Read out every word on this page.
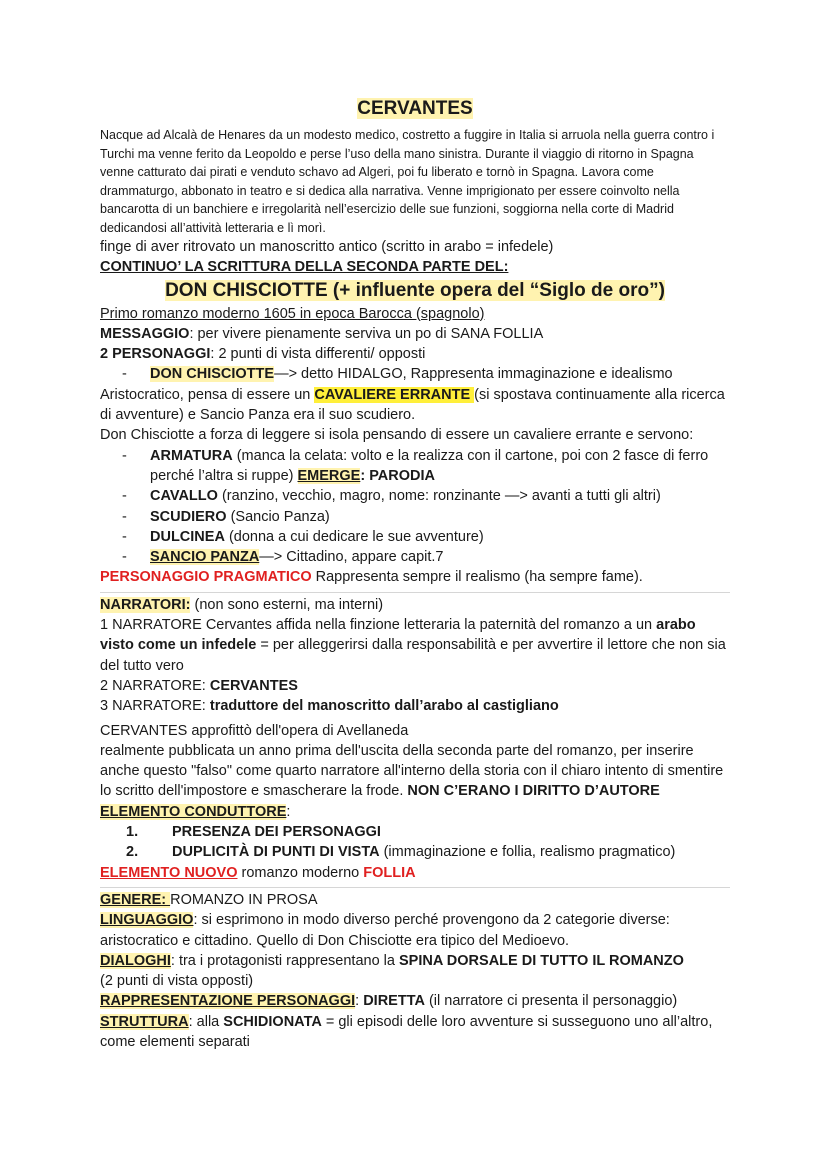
CERVANTES
Nacque ad Alcalà de Henares da un modesto medico, costretto a fuggire in Italia si arruola nella guerra contro i Turchi ma venne ferito da Leopoldo e perse l’uso della mano sinistra. Durante il viaggio di ritorno in Spagna venne catturato dai pirati e venduto schavo ad Algeri, poi fu liberato e tornò in Spagna. Lavora come drammaturgo, abbonato in teatro e si dedica alla narrativa. Venne imprigionato per essere coinvolto nella bancarotta di un banchiere e irregolarità nell’esercizio delle sue funzioni, soggiorna nella corte di Madrid dedicandosi all’attività letteraria e lì morì.
finge di aver ritrovato un manoscritto antico (scritto in arabo = infedele)
CONTINUO’ LA SCRITTURA DELLA SECONDA PARTE DEL:
DON CHISCIOTTE (+ influente opera del “Siglo de oro”)
Primo romanzo moderno 1605 in epoca Barocca (spagnolo)
MESSAGGIO: per vivere pienamente serviva un po di SANA FOLLIA
2 PERSONAGGI: 2 punti di vista differenti/ opposti
-	DON CHISCIOTTE—> detto HIDALGO, Rappresenta immaginazione e idealismo
Aristocratico, pensa di essere un CAVALIERE ERRANTE (si spostava continuamente alla ricerca di avventure) e Sancio Panza era il suo scudiero.
Don Chisciotte a forza di leggere si isola pensando di essere un cavaliere errante e servono:
-	ARMATURA (manca la celata: volto e la realizza con il cartone, poi con 2 fasce di ferro perché l’altra si ruppe) EMERGE: PARODIA
-	CAVALLO (ranzino, vecchio, magro, nome: ronzinante —> avanti a tutti gli altri)
-	SCUDIERO (Sancio Panza)
-	DULCINEA (donna a cui dedicare le sue avventure)
-	SANCIO PANZA—> Cittadino, appare capit.7
PERSONAGGIO PRAGMATICO Rappresenta sempre il realismo (ha sempre fame).
NARRATORI: (non sono esterni, ma interni)
1 NARRATORE Cervantes affida nella finzione letteraria la paternità del romanzo a un arabo visto come un infedele = per alleggerirsi dalla responsabilità e per avvertire il lettore che non sia del tutto vero
2 NARRATORE: CERVANTES
3 NARRATORE: traduttore del manoscritto dall’arabo al castigliano
CERVANTES approfittò dell'opera di Avellaneda
realmente pubblicata un anno prima dell'uscita della seconda parte del romanzo, per inserire anche questo "falso" come quarto narratore all'interno della storia con il chiaro intento di smentire lo scritto dell'impostore e smascherare la frode. NON C’ERANO I DIRITTO D’AUTORE
ELEMENTO CONDUTTORE:
1.	PRESENZA DEI PERSONAGGI
2.	DUPLICITÀ DI PUNTI DI VISTA (immaginazione e follia, realismo pragmatico)
ELEMENTO NUOVO romanzo moderno FOLLIA
GENERE: ROMANZO IN PROSA
LINGUAGGIO: si esprimono in modo diverso perché provengono da 2 categorie diverse: aristocratico e cittadino. Quello di Don Chisciotte era tipico del Medioevo.
DIALOGHI: tra i protagonisti rappresentano la SPINA DORSALE DI TUTTO IL ROMANZO
(2 punti di vista opposti)
RAPPRESENTAZIONE PERSONAGGI: DIRETTA (il narratore ci presenta il personaggio)
STRUTTURA: alla SCHIDIONATA = gli episodi delle loro avventure si susseguono uno all’altro, come elementi separati
